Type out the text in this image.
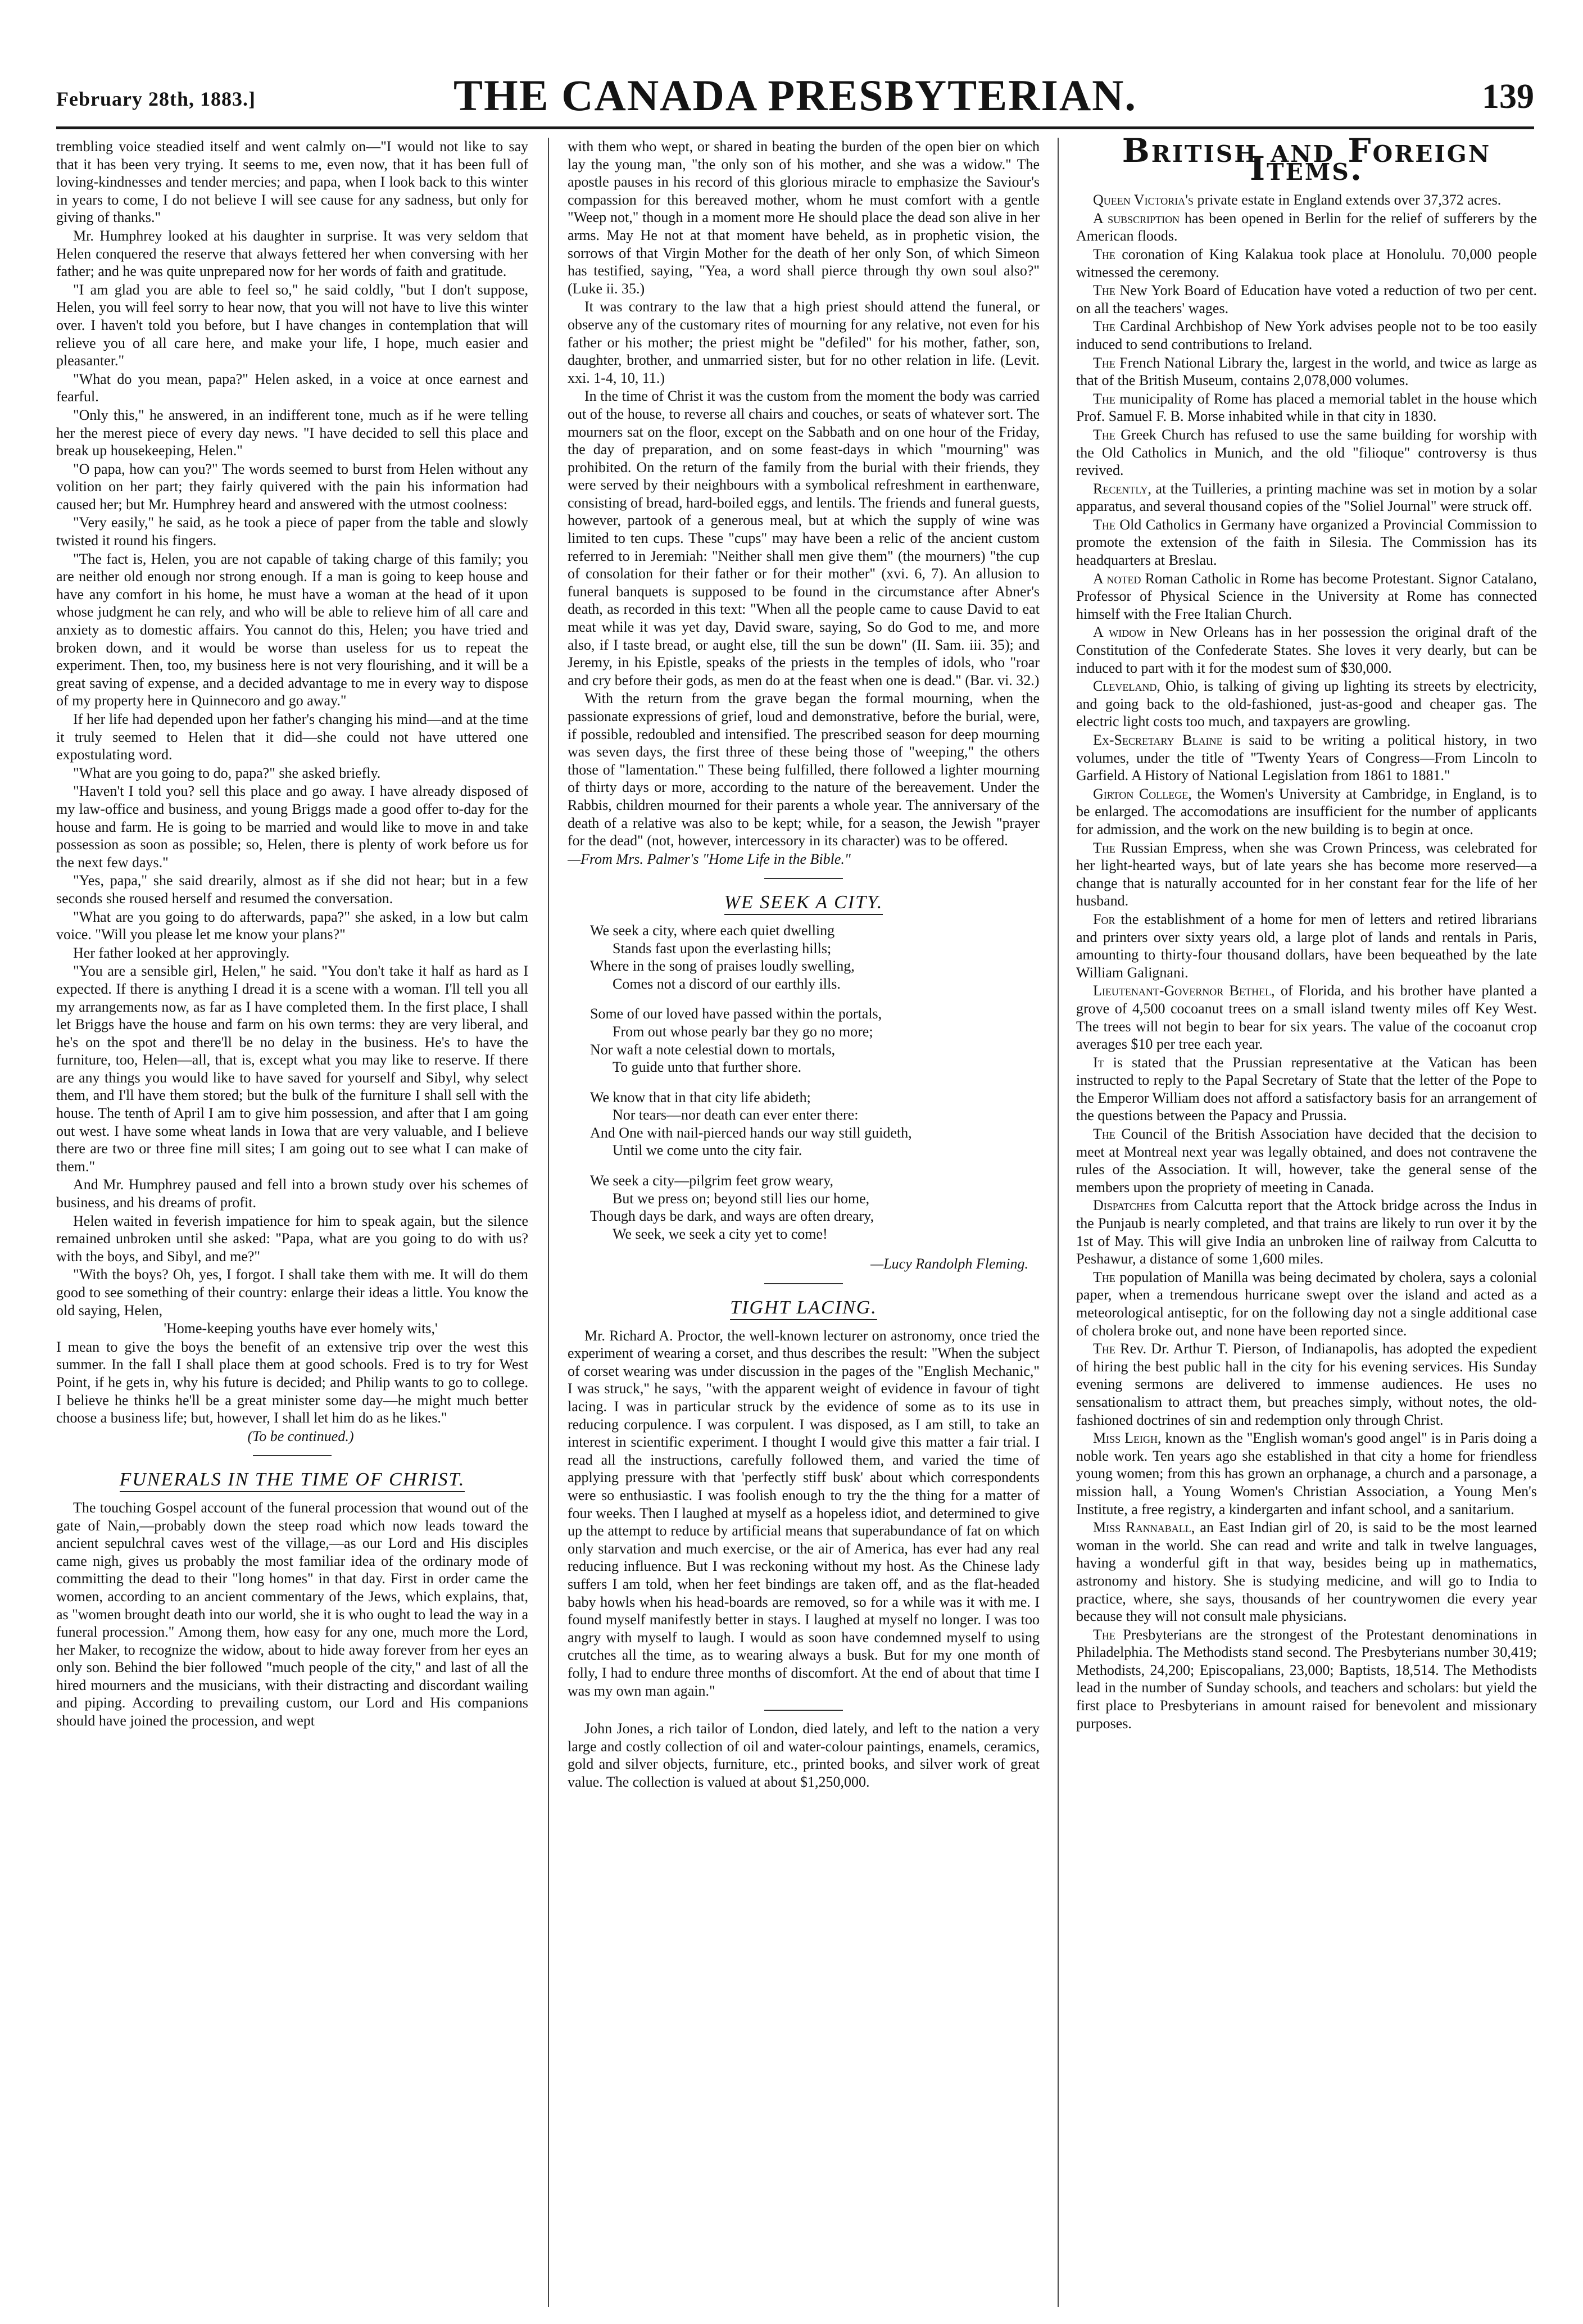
February 28th, 1883.]	THE CANADA PRESBYTERIAN.	139

trembling voice steadied itself and went calmly on—"I would not like to say that it has been very trying. It seems to me, even now, that it has been full of loving-kindnesses and tender mercies; and papa, when I look back to this winter in years to come, I do not believe I will see cause for any sadness, but only for giving of thanks."

Mr. Humphrey looked at his daughter in surprise. It was very seldom that Helen conquered the reserve that always fettered her when conversing with her father; and he was quite unprepared now for her words of faith and gratitude.

"I am glad you are able to feel so," he said coldly, "but I don't suppose, Helen, you will feel sorry to hear now, that you will not have to live this winter over. I haven't told you before, but I have changes in contemplation that will relieve you of all care here, and make your life, I hope, much easier and pleasanter."

"What do you mean, papa?" Helen asked, in a voice at once earnest and fearful.

"Only this," he answered, in an indifferent tone, much as if he were telling her the merest piece of every day news. "I have decided to sell this place and break up housekeeping, Helen."

"O papa, how can you?" The words seemed to burst from Helen without any volition on her part; they fairly quivered with the pain his information had caused her; but Mr. Humphrey heard and answered with the utmost coolness:

"Very easily," he said, as he took a piece of paper from the table and slowly twisted it round his fingers.

"The fact is, Helen, you are not capable of taking charge of this family; you are neither old enough nor strong enough. If a man is going to keep house and have any comfort in his home, he must have a woman at the head of it upon whose judgment he can rely, and who will be able to relieve him of all care and anxiety as to domestic affairs. You cannot do this, Helen; you have tried and broken down, and it would be worse than useless for us to repeat the experiment. Then, too, my business here is not very flourishing, and it will be a great saving of expense, and a decided advantage to me in every way to dispose of my property here in Quinnecoro and go away."

If her life had depended upon her father's changing his mind—and at the time it truly seemed to Helen that it did—she could not have uttered one expostulating word.

"What are you going to do, papa?" she asked briefly.

"Haven't I told you? sell this place and go away. I have already disposed of my law-office and business, and young Briggs made a good offer to-day for the house and farm. He is going to be married and would like to move in and take possession as soon as possible; so, Helen, there is plenty of work before us for the next few days."

"Yes, papa," she said drearily, almost as if she did not hear; but in a few seconds she roused herself and resumed the conversation.

"What are you going to do afterwards, papa?" she asked, in a low but calm voice. "Will you please let me know your plans?"

Her father looked at her approvingly.

"You are a sensible girl, Helen," he said. "You don't take it half as hard as I expected. If there is anything I dread it is a scene with a woman. I'll tell you all my arrangements now, as far as I have completed them. In the first place, I shall let Briggs have the house and farm on his own terms: they are very liberal, and he's on the spot and there'll be no delay in the business. He's to have the furniture, too, Helen—all, that is, except what you may like to reserve. If there are any things you would like to have saved for yourself and Sibyl, why select them, and I'll have them stored; but the bulk of the furniture I shall sell with the house. The tenth of April I am to give him possession, and after that I am going out west. I have some wheat lands in Iowa that are very valuable, and I believe there are two or three fine mill sites; I am going out to see what I can make of them."

And Mr. Humphrey paused and fell into a brown study over his schemes of business, and his dreams of profit.

Helen waited in feverish impatience for him to speak again, but the silence remained unbroken until she asked: "Papa, what are you going to do with us? with the boys, and Sibyl, and me?"

"With the boys? Oh, yes, I forgot. I shall take them with me. It will do them good to see something of their country: enlarge their ideas a little. You know the old saying, Helen,

'Home-keeping youths have ever homely wits,'

I mean to give the boys the benefit of an extensive trip over the west this summer. In the fall I shall place them at good schools. Fred is to try for West Point, if he gets in, why his future is decided; and Philip wants to go to college. I believe he thinks he'll be a great minister some day—he might much better choose a business life; but, however, I shall let him do as he likes."

(To be continued.)

FUNERALS IN THE TIME OF CHRIST.

The touching Gospel account of the funeral procession that wound out of the gate of Nain,—probably down the steep road which now leads toward the ancient sepulchral caves west of the village,—as our Lord and His disciples came nigh, gives us probably the most familiar idea of the ordinary mode of committing the dead to their "long homes" in that day. First in order came the women, according to an ancient commentary of the Jews, which explains, that, as "women brought death into our world, she it is who ought to lead the way in a funeral procession." Among them, how easy for any one, much more the Lord, her Maker, to recognize the widow, about to hide away forever from her eyes an only son. Behind the bier followed "much people of the city," and last of all the hired mourners and the musicians, with their distracting and discordant wailing and piping. According to prevailing custom, our Lord and His companions should have joined the procession, and wept

with them who wept, or shared in beating the burden of the open bier on which lay the young man, "the only son of his mother, and she was a widow." The apostle pauses in his record of this glorious miracle to emphasize the Saviour's compassion for this bereaved mother, whom he must comfort with a gentle "Weep not," though in a moment more He should place the dead son alive in her arms. May He not at that moment have beheld, as in prophetic vision, the sorrows of that Virgin Mother for the death of her only Son, of which Simeon has testified, saying, "Yea, a word shall pierce through thy own soul also?" (Luke ii. 35.)

It was contrary to the law that a high priest should attend the funeral, or observe any of the customary rites of mourning for any relative, not even for his father or his mother; the priest might be "defiled" for his mother, father, son, daughter, brother, and unmarried sister, but for no other relation in life. (Levit. xxi. 1-4, 10, 11.)

In the time of Christ it was the custom from the moment the body was carried out of the house, to reverse all chairs and couches, or seats of whatever sort. The mourners sat on the floor, except on the Sabbath and on one hour of the Friday, the day of preparation, and on some feast-days in which "mourning" was prohibited. On the return of the family from the burial with their friends, they were served by their neighbours with a symbolical refreshment in earthenware, consisting of bread, hard-boiled eggs, and lentils. The friends and funeral guests, however, partook of a generous meal, but at which the supply of wine was limited to ten cups. These "cups" may have been a relic of the ancient custom referred to in Jeremiah: "Neither shall men give them" (the mourners) "the cup of consolation for their father or for their mother" (xvi. 6, 7). An allusion to funeral banquets is supposed to be found in the circumstance after Abner's death, as recorded in this text: "When all the people came to cause David to eat meat while it was yet day, David sware, saying, So do God to me, and more also, if I taste bread, or aught else, till the sun be down" (II. Sam. iii. 35); and Jeremy, in his Epistle, speaks of the priests in the temples of idols, who "roar and cry before their gods, as men do at the feast when one is dead." (Bar. vi. 32.)

With the return from the grave began the formal mourning, when the passionate expressions of grief, loud and demonstrative, before the burial, were, if possible, redoubled and intensified. The prescribed season for deep mourning was seven days, the first three of these being those of "weeping," the others those of "lamentation." These being fulfilled, there followed a lighter mourning of thirty days or more, according to the nature of the bereavement. Under the Rabbis, children mourned for their parents a whole year. The anniversary of the death of a relative was also to be kept; while, for a season, the Jewish "prayer for the dead" (not, however, intercessory in its character) was to be offered.

—From Mrs. Palmer's "Home Life in the Bible."

WE SEEK A CITY.
We seek a city, where each quiet dwelling
Stands fast upon the everlasting hills;
Where in the song of praises loudly swelling,
Comes not a discord of our earthly ills.
Some of our loved have passed within the portals,
From out whose pearly bar they go no more;
Nor waft a note celestial down to mortals,
To guide unto that further shore.
We know that in that city life abideth;
Nor tears—nor death can ever enter there:
And One with nail-pierced hands our way still guideth,
Until we come unto the city fair.
We seek a city—pilgrim feet grow weary,
But we press on; beyond still lies our home,
Though days be dark, and ways are often dreary,
We seek, we seek a city yet to come!
—Lucy Randolph Fleming.
TIGHT LACING.

Mr. Richard A. Proctor, the well-known lecturer on astronomy, once tried the experiment of wearing a corset, and thus describes the result: "When the subject of corset wearing was under discussion in the pages of the "English Mechanic," I was struck," he says, "with the apparent weight of evidence in favour of tight lacing. I was in particular struck by the evidence of some as to its use in reducing corpulence. I was corpulent. I was disposed, as I am still, to take an interest in scientific experiment. I thought I would give this matter a fair trial. I read all the instructions, carefully followed them, and varied the time of applying pressure with that 'perfectly stiff busk' about which correspondents were so enthusiastic. I was foolish enough to try the the thing for a matter of four weeks. Then I laughed at myself as a hopeless idiot, and determined to give up the attempt to reduce by artificial means that superabundance of fat on which only starvation and much exercise, or the air of America, has ever had any real reducing influence. But I was reckoning without my host. As the Chinese lady suffers I am told, when her feet bindings are taken off, and as the flat-headed baby howls when his head-boards are removed, so for a while was it with me. I found myself manifestly better in stays. I laughed at myself no longer. I was too angry with myself to laugh. I would as soon have condemned myself to using crutches all the time, as to wearing always a busk. But for my one month of folly, I had to endure three months of discomfort. At the end of about that time I was my own man again."

John Jones, a rich tailor of London, died lately, and left to the nation a very large and costly collection of oil and water-colour paintings, enamels, ceramics, gold and silver objects, furniture, etc., printed books, and silver work of great value. The collection is valued at about $1,250,000.

British and Foreign Items.

Queen Victoria's private estate in England extends over 37,372 acres.

A subscription has been opened in Berlin for the relief of sufferers by the American floods.

The coronation of King Kalakua took place at Honolulu. 70,000 people witnessed the ceremony.

The New York Board of Education have voted a reduction of two per cent. on all the teachers' wages.

The Cardinal Archbishop of New York advises people not to be too easily induced to send contributions to Ireland.

The French National Library the, largest in the world, and twice as large as that of the British Museum, contains 2,078,000 volumes.

The municipality of Rome has placed a memorial tablet in the house which Prof. Samuel F. B. Morse inhabited while in that city in 1830.

The Greek Church has refused to use the same building for worship with the Old Catholics in Munich, and the old "filioque" controversy is thus revived.

Recently, at the Tuilleries, a printing machine was set in motion by a solar apparatus, and several thousand copies of the "Soliel Journal" were struck off.

The Old Catholics in Germany have organized a Provincial Commission to promote the extension of the faith in Silesia. The Commission has its headquarters at Breslau.

A noted Roman Catholic in Rome has become Protestant. Signor Catalano, Professor of Physical Science in the University at Rome has connected himself with the Free Italian Church.

A widow in New Orleans has in her possession the original draft of the Constitution of the Confederate States. She loves it very dearly, but can be induced to part with it for the modest sum of $30,000.

Cleveland, Ohio, is talking of giving up lighting its streets by electricity, and going back to the old-fashioned, just-as-good and cheaper gas. The electric light costs too much, and taxpayers are growling.

Ex-Secretary Blaine is said to be writing a political history, in two volumes, under the title of "Twenty Years of Congress—From Lincoln to Garfield. A History of National Legislation from 1861 to 1881."

Girton College, the Women's University at Cambridge, in England, is to be enlarged. The accomodations are insufficient for the number of applicants for admission, and the work on the new building is to begin at once.

The Russian Empress, when she was Crown Princess, was celebrated for her light-hearted ways, but of late years she has become more reserved—a change that is naturally accounted for in her constant fear for the life of her husband.

For the establishment of a home for men of letters and retired librarians and printers over sixty years old, a large plot of lands and rentals in Paris, amounting to thirty-four thousand dollars, have been bequeathed by the late William Galignani.

Lieutenant-Governor Bethel, of Florida, and his brother have planted a grove of 4,500 cocoanut trees on a small island twenty miles off Key West. The trees will not begin to bear for six years. The value of the cocoanut crop averages $10 per tree each year.

It is stated that the Prussian representative at the Vatican has been instructed to reply to the Papal Secretary of State that the letter of the Pope to the Emperor William does not afford a satisfactory basis for an arrangement of the questions between the Papacy and Prussia.

The Council of the British Association have decided that the decision to meet at Montreal next year was legally obtained, and does not contravene the rules of the Association. It will, however, take the general sense of the members upon the propriety of meeting in Canada.

Dispatches from Calcutta report that the Attock bridge across the Indus in the Punjaub is nearly completed, and that trains are likely to run over it by the 1st of May. This will give India an unbroken line of railway from Calcutta to Peshawur, a distance of some 1,600 miles.

The population of Manilla was being decimated by cholera, says a colonial paper, when a tremendous hurricane swept over the island and acted as a meteorological antiseptic, for on the following day not a single additional case of cholera broke out, and none have been reported since.

The Rev. Dr. Arthur T. Pierson, of Indianapolis, has adopted the expedient of hiring the best public hall in the city for his evening services. His Sunday evening sermons are delivered to immense audiences. He uses no sensationalism to attract them, but preaches simply, without notes, the old-fashioned doctrines of sin and redemption only through Christ.

Miss Leigh, known as the "English woman's good angel" is in Paris doing a noble work. Ten years ago she established in that city a home for friendless young women; from this has grown an orphanage, a church and a parsonage, a mission hall, a Young Women's Christian Association, a Young Men's Institute, a free registry, a kindergarten and infant school, and a sanitarium.

Miss Rannaball, an East Indian girl of 20, is said to be the most learned woman in the world. She can read and write and talk in twelve languages, having a wonderful gift in that way, besides being up in mathematics, astronomy and history. She is studying medicine, and will go to India to practice, where, she says, thousands of her countrywomen die every year because they will not consult male physicians.

The Presbyterians are the strongest of the Protestant denominations in Philadelphia. The Methodists stand second. The Presbyterians number 30,419; Methodists, 24,200; Episcopalians, 23,000; Baptists, 18,514. The Methodists lead in the number of Sunday schools, and teachers and scholars: but yield the first place to Presbyterians in amount raised for benevolent and missionary purposes.
